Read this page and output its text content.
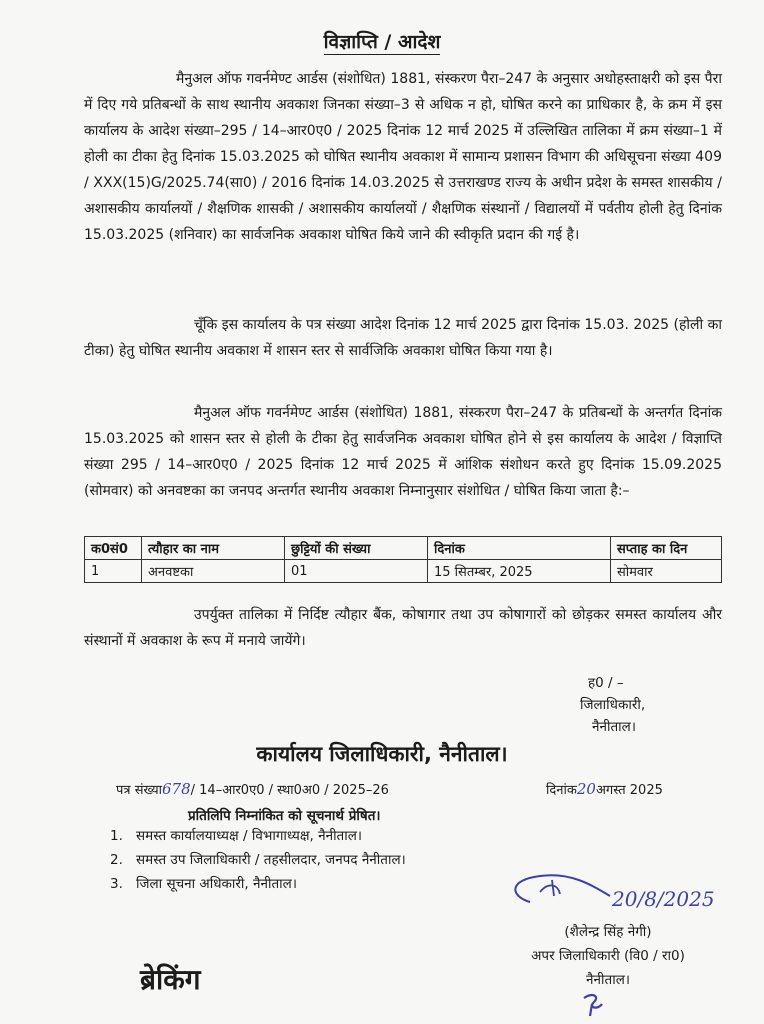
विज्ञाप्ति / आदेश

मैनुअल ऑफ गवर्नमेण्ट आर्डस (संशोधित) 1881, संस्करण पैरा–247 के अनुसार अधोहस्ताक्षरी को इस पैरा में दिए गये प्रतिबन्धों के साथ स्थानीय अवकाश जिनका संख्या–3 से अधिक न हो, घोषित करने का प्राधिकार है, के क्रम में इस कार्यालय के आदेश संख्या–295 / 14–आर0ए0 / 2025 दिनांक 12 मार्च 2025 में उल्लिखित तालिका में क्रम संख्या–1 में होली का टीका हेतु दिनांक 15.03.2025 को घोषित स्थानीय अवकाश में सामान्य प्रशासन विभाग की अधिसूचना संख्या 409 / XXX(15)G/2025.74(सा0) / 2016 दिनांक 14.03.2025 से उत्तराखण्ड राज्य के अधीन प्रदेश के समस्त शासकीय / अशासकीय कार्यालयों / शैक्षणिक शासकी / अशासकीय कार्यालयों / शैक्षणिक संस्थानों / विद्यालयों में पर्वतीय होली हेतु दिनांक 15.03.2025 (शनिवार) का सार्वजनिक अवकाश घोषित किये जाने की स्वीकृति प्रदान की गई है।

चूँकि इस कार्यालय के पत्र संख्या आदेश दिनांक 12 मार्च 2025 द्वारा दिनांक 15.03. 2025 (होली का टीका) हेतु घोषित स्थानीय अवकाश में शासन स्तर से सार्वजिकि अवकाश घोषित किया गया है।

मैनुअल ऑफ गवर्नमेण्ट आर्डस (संशोधित) 1881, संस्करण पैरा–247 के प्रतिबन्धों के अन्तर्गत दिनांक 15.03.2025 को शासन स्तर से होली के टीका हेतु सार्वजनिक अवकाश घोषित होने से इस कार्यालय के आदेश / विज्ञाप्ति संख्या 295 / 14–आर0ए0 / 2025 दिनांक 12 मार्च 2025 में आंशिक संशोधन करते हुए दिनांक 15.09.2025 (सोमवार) को अनवष्टका का जनपद अन्तर्गत स्थानीय अवकाश निम्नानुसार संशोधित / घोषित किया जाता है:–

क0सं0	त्यौहार का नाम	छुट्टियों की संख्या	दिनांक	सप्ताह का दिन
1	अनवष्टका	01	15 सितम्बर, 2025	सोमवार

उपर्युक्त तालिका में निर्दिष्ट त्यौहार बैंक, कोषागार तथा उप कोषागारों को छोड़कर समस्त कार्यालय और संस्थानों में अवकाश के रूप में मनाये जायेंगे।

ह0 / –
जिलाधिकारी,
नैनीताल।
कार्यालय जिलाधिकारी, नैनीताल।
पत्र संख्या678/ 14–आर0ए0 / स्था0अ0 / 2025–26	दिनांक20अगस्त 2025
प्रतिलिपि निम्नांकित को सूचनार्थ प्रेषित।
1. समस्त कार्यालयाध्यक्ष / विभागाध्यक्ष, नैनीताल।
2. समस्त उप जिलाधिकारी / तहसीलदार, जनपद नैनीताल।
3. जिला सूचना अधिकारी, नैनीताल।
20/8/2025
(शैलेन्द्र सिंह नेगी)
अपर जिलाधिकारी (वि0 / रा0)
नैनीताल।
ब्रेकिंग
